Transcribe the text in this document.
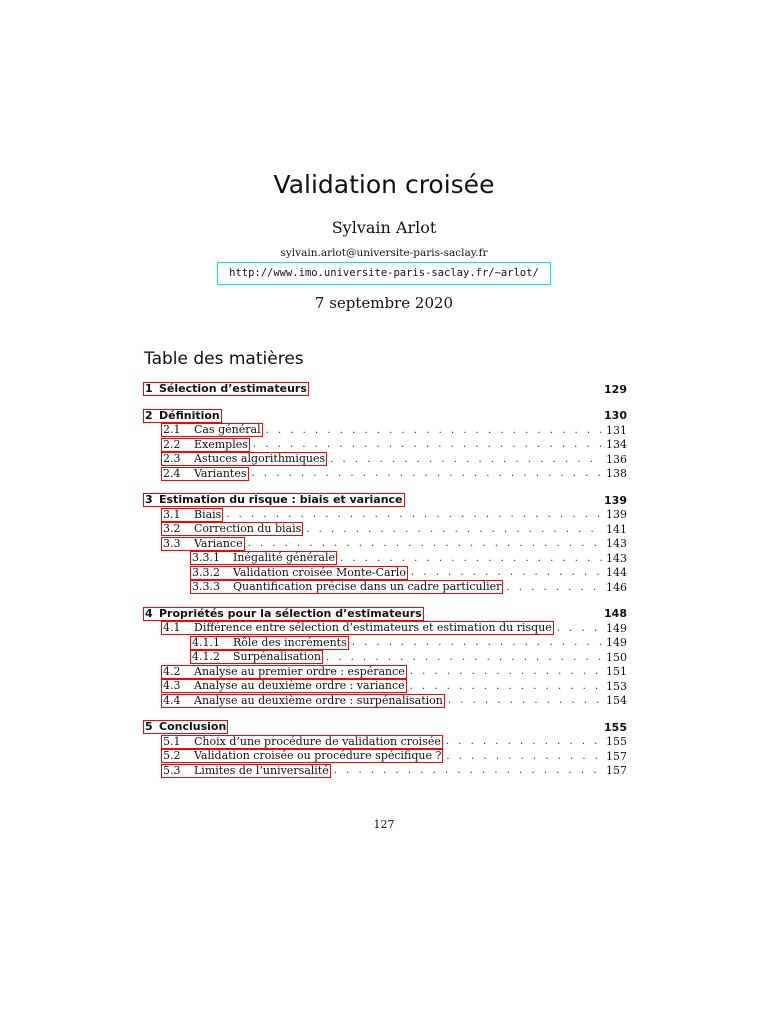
Validation croisée
Sylvain Arlot
sylvain.arlot@universite-paris-saclay.fr
http://www.imo.universite-paris-saclay.fr/~arlot/
7 septembre 2020
Table des matières
1 Sélection d’estimateurs	129
2 Définition	130
2.1	Cas général . . .	131
2.2	Exemples . . .	134
2.3	Astuces algorithmiques . . .	136
2.4	Variantes . . .	138
3 Estimation du risque : biais et variance	139
3.1	Biais . . .	139
3.2	Correction du biais . . .	141
3.3	Variance . . .	143
3.3.1	Inégalité générale . . .	143
3.3.2	Validation croisée Monte-Carlo . . .	144
3.3.3	Quantification précise dans un cadre particulier . . .	146
4 Propriétés pour la sélection d’estimateurs	148
4.1	Différence entre sélection d’estimateurs et estimation du risque . . .	149
4.1.1	Rôle des incréments . . .	149
4.1.2	Surpénalisation . . .	150
4.2	Analyse au premier ordre : espérance . . .	151
4.3	Analyse au deuxième ordre : variance . . .	153
4.4	Analyse au deuxième ordre : surpénalisation . . .	154
5 Conclusion	155
5.1	Choix d’une procédure de validation croisée . . .	155
5.2	Validation croisée ou procédure spécifique ? . . .	157
5.3	Limites de l’universalité . . .	157
127
